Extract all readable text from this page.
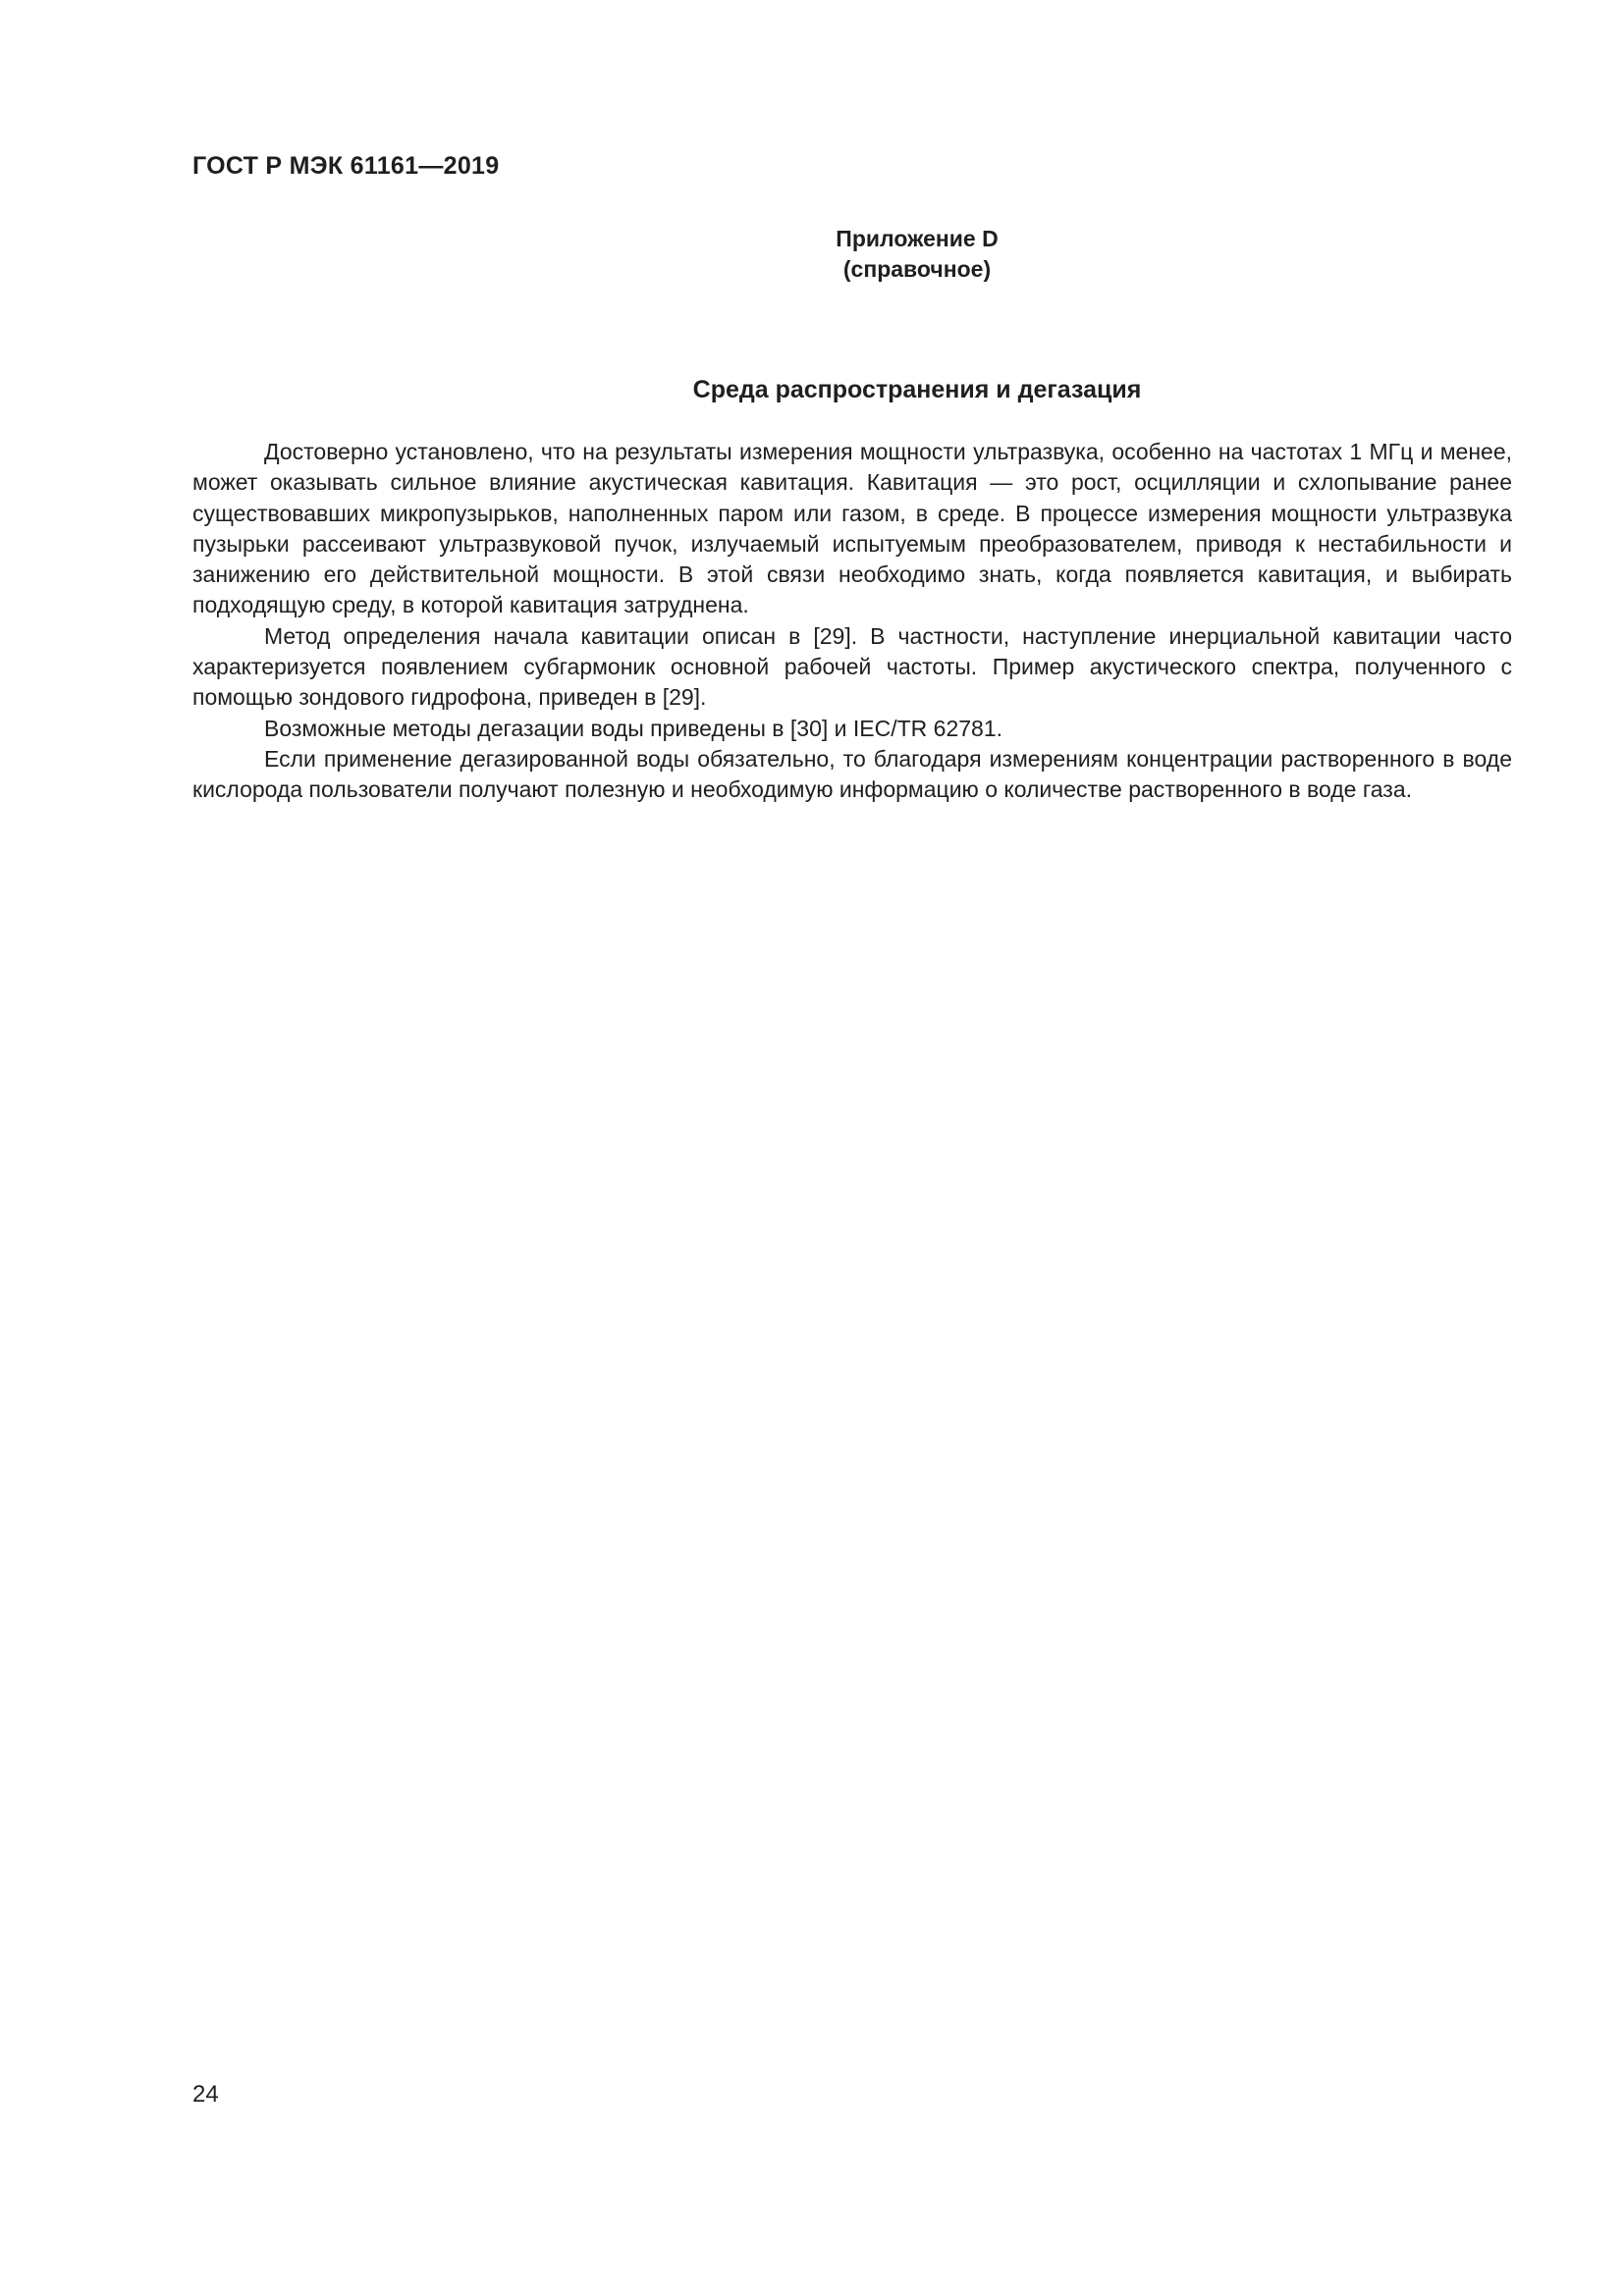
ГОСТ Р МЭК 61161—2019
Приложение D
(справочное)
Среда распространения и дегазация

Достоверно установлено, что на результаты измерения мощности ультразвука, особенно на частотах 1 МГц и менее, может оказывать сильное влияние акустическая кавитация. Кавитация — это рост, осцилляции и схлопывание ранее существовавших микропузырьков, наполненных паром или газом, в среде. В процессе измерения мощности ультразвука пузырьки рассеивают ультразвуковой пучок, излучаемый испытуемым преобразователем, приводя к нестабильности и занижению его действительной мощности. В этой связи необходимо знать, когда появляется кавитация, и выбирать подходящую среду, в которой кавитация затруднена.

Метод определения начала кавитации описан в [29]. В частности, наступление инерциальной кавитации часто характеризуется появлением субгармоник основной рабочей частоты. Пример акустического спектра, полученного с помощью зондового гидрофона, приведен в [29].

Возможные методы дегазации воды приведены в [30] и IEC/TR 62781.

Если применение дегазированной воды обязательно, то благодаря измерениям концентрации растворенного в воде кислорода пользователи получают полезную и необходимую информацию о количестве растворенного в воде газа.

24
